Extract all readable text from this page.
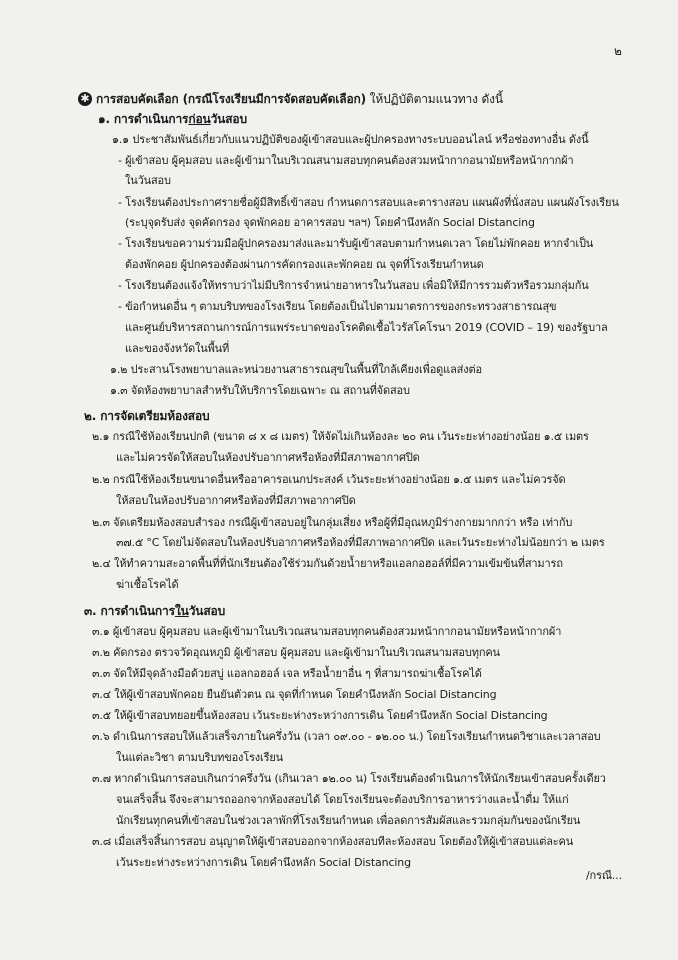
๒
✱ การสอบคัดเลือก (กรณีโรงเรียนมีการจัดสอบคัดเลือก) ให้ปฏิบัติตามแนวทาง ดังนี้
๑. การดำเนินการก่อนวันสอบ
๑.๑ ประชาสัมพันธ์เกี่ยวกับแนวปฏิบัติของผู้เข้าสอบและผู้ปกครองทางระบบออนไลน์ หรือช่องทางอื่น ดังนี้
- ผู้เข้าสอบ ผู้คุมสอบ และผู้เข้ามาในบริเวณสนามสอบทุกคนต้องสวมหน้ากากอนามัยหรือหน้ากากผ้า
ในวันสอบ
- โรงเรียนต้องประกาศรายชื่อผู้มีสิทธิ์เข้าสอบ กำหนดการสอบและตารางสอบ แผนผังที่นั่งสอบ แผนผังโรงเรียน
(ระบุจุดรับส่ง จุดคัดกรอง จุดพักคอย อาคารสอบ ฯลฯ) โดยคำนึงหลัก Social Distancing
- โรงเรียนขอความร่วมมือผู้ปกครองมาส่งและมารับผู้เข้าสอบตามกำหนดเวลา โดยไม่พักคอย หากจำเป็น
ต้องพักคอย ผู้ปกครองต้องผ่านการคัดกรองและพักคอย ณ จุดที่โรงเรียนกำหนด
- โรงเรียนต้องแจ้งให้ทราบว่าไม่มีบริการจำหน่ายอาหารในวันสอบ เพื่อมิให้มีการรวมตัวหรือรวมกลุ่มกัน
- ข้อกำหนดอื่น ๆ ตามบริบทของโรงเรียน โดยต้องเป็นไปตามมาตรการของกระทรวงสาธารณสุข
และศูนย์บริหารสถานการณ์การแพร่ระบาดของโรคติดเชื้อไวรัสโคโรนา 2019 (COVID – 19) ของรัฐบาล
และของจังหวัดในพื้นที่
๑.๒ ประสานโรงพยาบาลและหน่วยงานสาธารณสุขในพื้นที่ใกล้เคียงเพื่อดูแลส่งต่อ
๑.๓ จัดห้องพยาบาลสำหรับให้บริการโดยเฉพาะ ณ สถานที่จัดสอบ
๒. การจัดเตรียมห้องสอบ
๒.๑ กรณีใช้ห้องเรียนปกติ (ขนาด ๘ x ๘ เมตร) ให้จัดไม่เกินห้องละ ๒๐ คน เว้นระยะห่างอย่างน้อย ๑.๕ เมตร
และไม่ควรจัดให้สอบในห้องปรับอากาศหรือห้องที่มีสภาพอากาศปิด
๒.๒ กรณีใช้ห้องเรียนขนาดอื่นหรืออาคารอเนกประสงค์ เว้นระยะห่างอย่างน้อย ๑.๕ เมตร และไม่ควรจัด
ให้สอบในห้องปรับอากาศหรือห้องที่มีสภาพอากาศปิด
๒.๓ จัดเตรียมห้องสอบสำรอง กรณีผู้เข้าสอบอยู่ในกลุ่มเสี่ยง หรือผู้ที่มีอุณหภูมิร่างกายมากกว่า หรือ เท่ากับ
๓๗.๕ °C โดยไม่จัดสอบในห้องปรับอากาศหรือห้องที่มีสภาพอากาศปิด และเว้นระยะห่างไม่น้อยกว่า ๒ เมตร
๒.๔ ให้ทำความสะอาดพื้นที่ที่นักเรียนต้องใช้ร่วมกันด้วยน้ำยาหรือแอลกอฮอล์ที่มีความเข้มข้นที่สามารถ
ฆ่าเชื้อโรคได้
๓. การดำเนินการในวันสอบ
๓.๑ ผู้เข้าสอบ ผู้คุมสอบ และผู้เข้ามาในบริเวณสนามสอบทุกคนต้องสวมหน้ากากอนามัยหรือหน้ากากผ้า
๓.๒ คัดกรอง ตรวจวัดอุณหภูมิ ผู้เข้าสอบ ผู้คุมสอบ และผู้เข้ามาในบริเวณสนามสอบทุกคน
๓.๓ จัดให้มีจุดล้างมือด้วยสบู่ แอลกอฮอล์ เจล หรือน้ำยาอื่น ๆ ที่สามารถฆ่าเชื้อโรคได้
๓.๔ ให้ผู้เข้าสอบพักคอย ยืนยันตัวตน ณ จุดที่กำหนด โดยคำนึงหลัก Social Distancing
๓.๕ ให้ผู้เข้าสอบทยอยขึ้นห้องสอบ เว้นระยะห่างระหว่างการเดิน โดยคำนึงหลัก Social Distancing
๓.๖ ดำเนินการสอบให้แล้วเสร็จภายในครึ่งวัน (เวลา ๐๙.๐๐ - ๑๒.๐๐ น.) โดยโรงเรียนกำหนดวิชาและเวลาสอบ
ในแต่ละวิชา ตามบริบทของโรงเรียน
๓.๗ หากดำเนินการสอบเกินกว่าครึ่งวัน (เกินเวลา ๑๒.๐๐ น) โรงเรียนต้องดำเนินการให้นักเรียนเข้าสอบครั้งเดียว
จนเสร็จสิ้น จึงจะสามารถออกจากห้องสอบได้ โดยโรงเรียนจะต้องบริการอาหารว่างและน้ำดื่ม ให้แก่
นักเรียนทุกคนที่เข้าสอบในช่วงเวลาพักที่โรงเรียนกำหนด เพื่อลดการสัมผัสและรวมกลุ่มกันของนักเรียน
๓.๘ เมื่อเสร็จสิ้นการสอบ อนุญาตให้ผู้เข้าสอบออกจากห้องสอบทีละห้องสอบ โดยต้องให้ผู้เข้าสอบแต่ละคน
เว้นระยะห่างระหว่างการเดิน โดยคำนึงหลัก Social Distancing
/กรณี...
